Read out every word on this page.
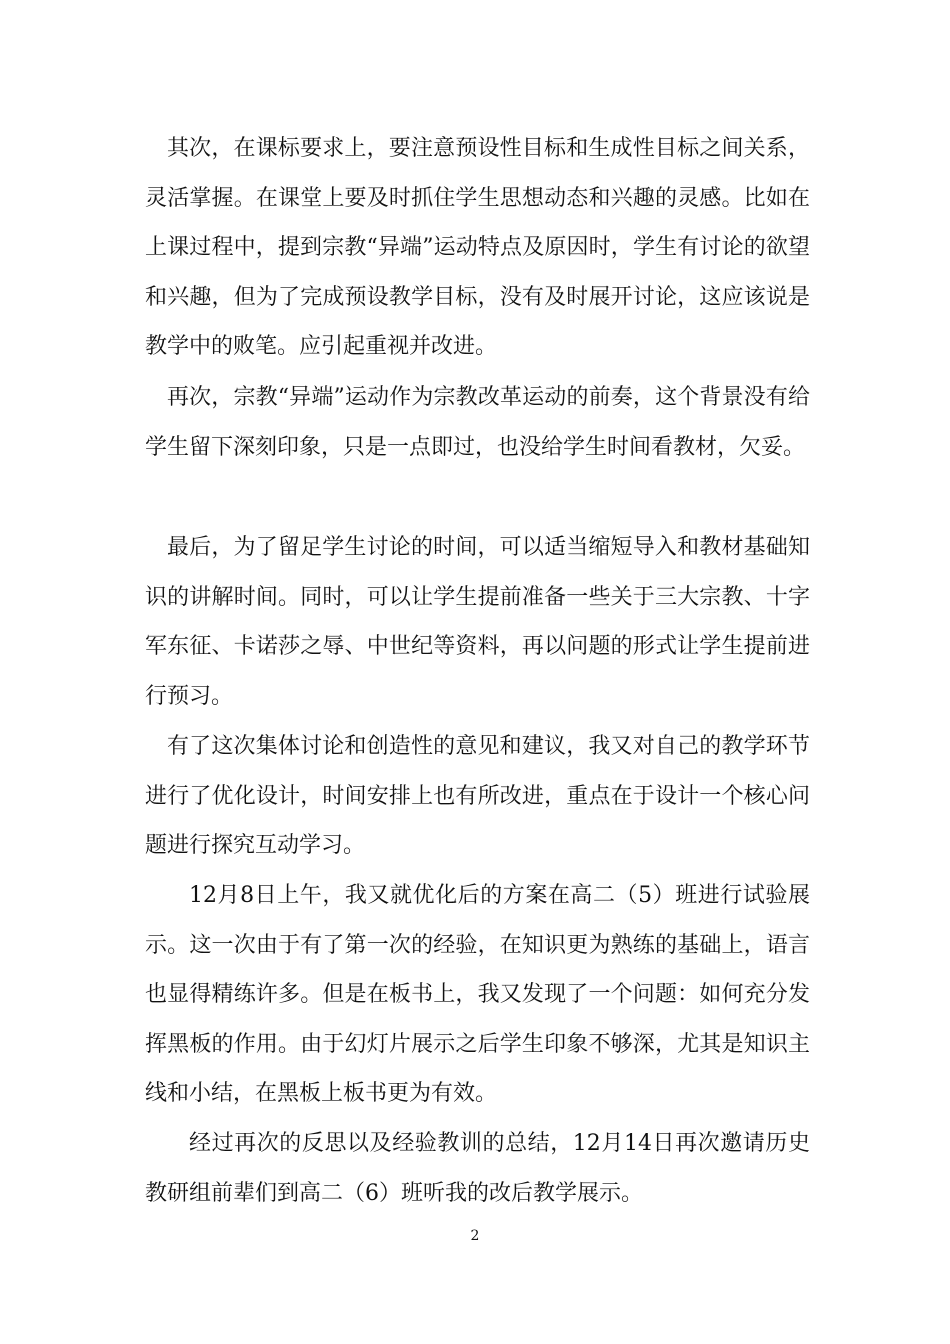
其次，在课标要求上，要注意预设性目标和生成性目标之间关系，灵活掌握。在课堂上要及时抓住学生思想动态和兴趣的灵感。比如在上课过程中，提到宗教“异端”运动特点及原因时，学生有讨论的欲望和兴趣，但为了完成预设教学目标，没有及时展开讨论，这应该说是教学中的败笔。应引起重视并改进。

再次，宗教“异端”运动作为宗教改革运动的前奏，这个背景没有给学生留下深刻印象，只是一点即过，也没给学生时间看教材，欠妥。

最后，为了留足学生讨论的时间，可以适当缩短导入和教材基础知识的讲解时间。同时，可以让学生提前准备一些关于三大宗教、十字军东征、卡诺莎之辱、中世纪等资料，再以问题的形式让学生提前进行预习。

有了这次集体讨论和创造性的意见和建议，我又对自己的教学环节进行了优化设计，时间安排上也有所改进，重点在于设计一个核心问题进行探究互动学习。

12月8日上午，我又就优化后的方案在高二（5）班进行试验展示。这一次由于有了第一次的经验，在知识更为熟练的基础上，语言也显得精练许多。但是在板书上，我又发现了一个问题：如何充分发挥黑板的作用。由于幻灯片展示之后学生印象不够深，尤其是知识主线和小结，在黑板上板书更为有效。

经过再次的反思以及经验教训的总结，12月14日再次邀请历史教研组前辈们到高二（6）班听我的改后教学展示。

2
